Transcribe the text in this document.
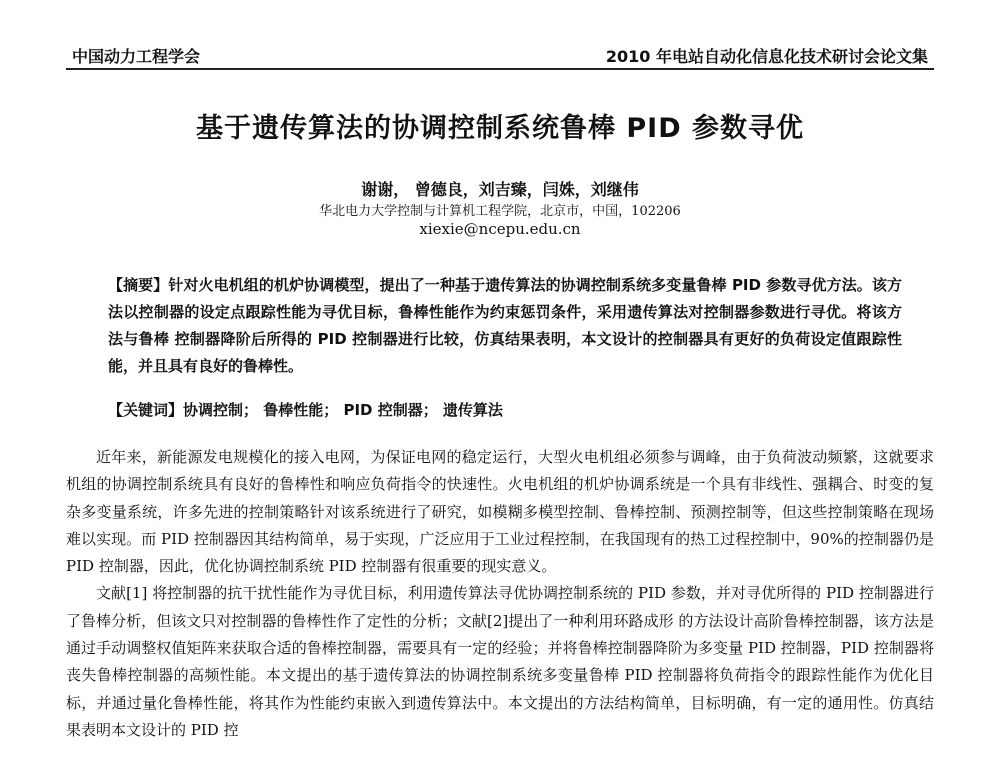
中国动力工程学会	2010 年电站自动化信息化技术研讨会论文集
基于遗传算法的协调控制系统鲁棒 PID 参数寻优
谢谢， 曾德良，刘吉臻，闫姝，刘继伟
华北电力大学控制与计算机工程学院，北京市，中国，102206
xiexie@ncepu.edu.cn
【摘要】针对火电机组的机炉协调模型，提出了一种基于遗传算法的协调控制系统多变量鲁棒 PID 参数寻优方法。该方法以控制器的设定点跟踪性能为寻优目标，鲁棒性能作为约束惩罚条件，采用遗传算法对控制器参数进行寻优。将该方法与鲁棒 控制器降阶后所得的 PID 控制器进行比较，仿真结果表明，本文设计的控制器具有更好的负荷设定值跟踪性能，并且具有良好的鲁棒性。
【关键词】协调控制； 鲁棒性能； PID 控制器； 遗传算法

近年来，新能源发电规模化的接入电网，为保证电网的稳定运行，大型火电机组必须参与调峰，由于负荷波动频繁，这就要求机组的协调控制系统具有良好的鲁棒性和响应负荷指令的快速性。火电机组的机炉协调系统是一个具有非线性、强耦合、时变的复杂多变量系统，许多先进的控制策略针对该系统进行了研究，如模糊多模型控制、鲁棒控制、预测控制等，但这些控制策略在现场难以实现。而 PID 控制器因其结构简单，易于实现，广泛应用于工业过程控制，在我国现有的热工过程控制中，90%的控制器仍是 PID 控制器，因此，优化协调控制系统 PID 控制器有很重要的现实意义。

文献[1] 将控制器的抗干扰性能作为寻优目标，利用遗传算法寻优协调控制系统的 PID 参数，并对寻优所得的 PID 控制器进行了鲁棒分析，但该文只对控制器的鲁棒性作了定性的分析；文献[2]提出了一种利用环路成形 的方法设计高阶鲁棒控制器，该方法是通过手动调整权值矩阵来获取合适的鲁棒控制器，需要具有一定的经验；并将鲁棒控制器降阶为多变量 PID 控制器，PID 控制器将丧失鲁棒控制器的高频性能。本文提出的基于遗传算法的协调控制系统多变量鲁棒 PID 控制器将负荷指令的跟踪性能作为优化目标，并通过量化鲁棒性能，将其作为性能约束嵌入到遗传算法中。本文提出的方法结构简单，目标明确，有一定的通用性。仿真结果表明本文设计的 PID 控
